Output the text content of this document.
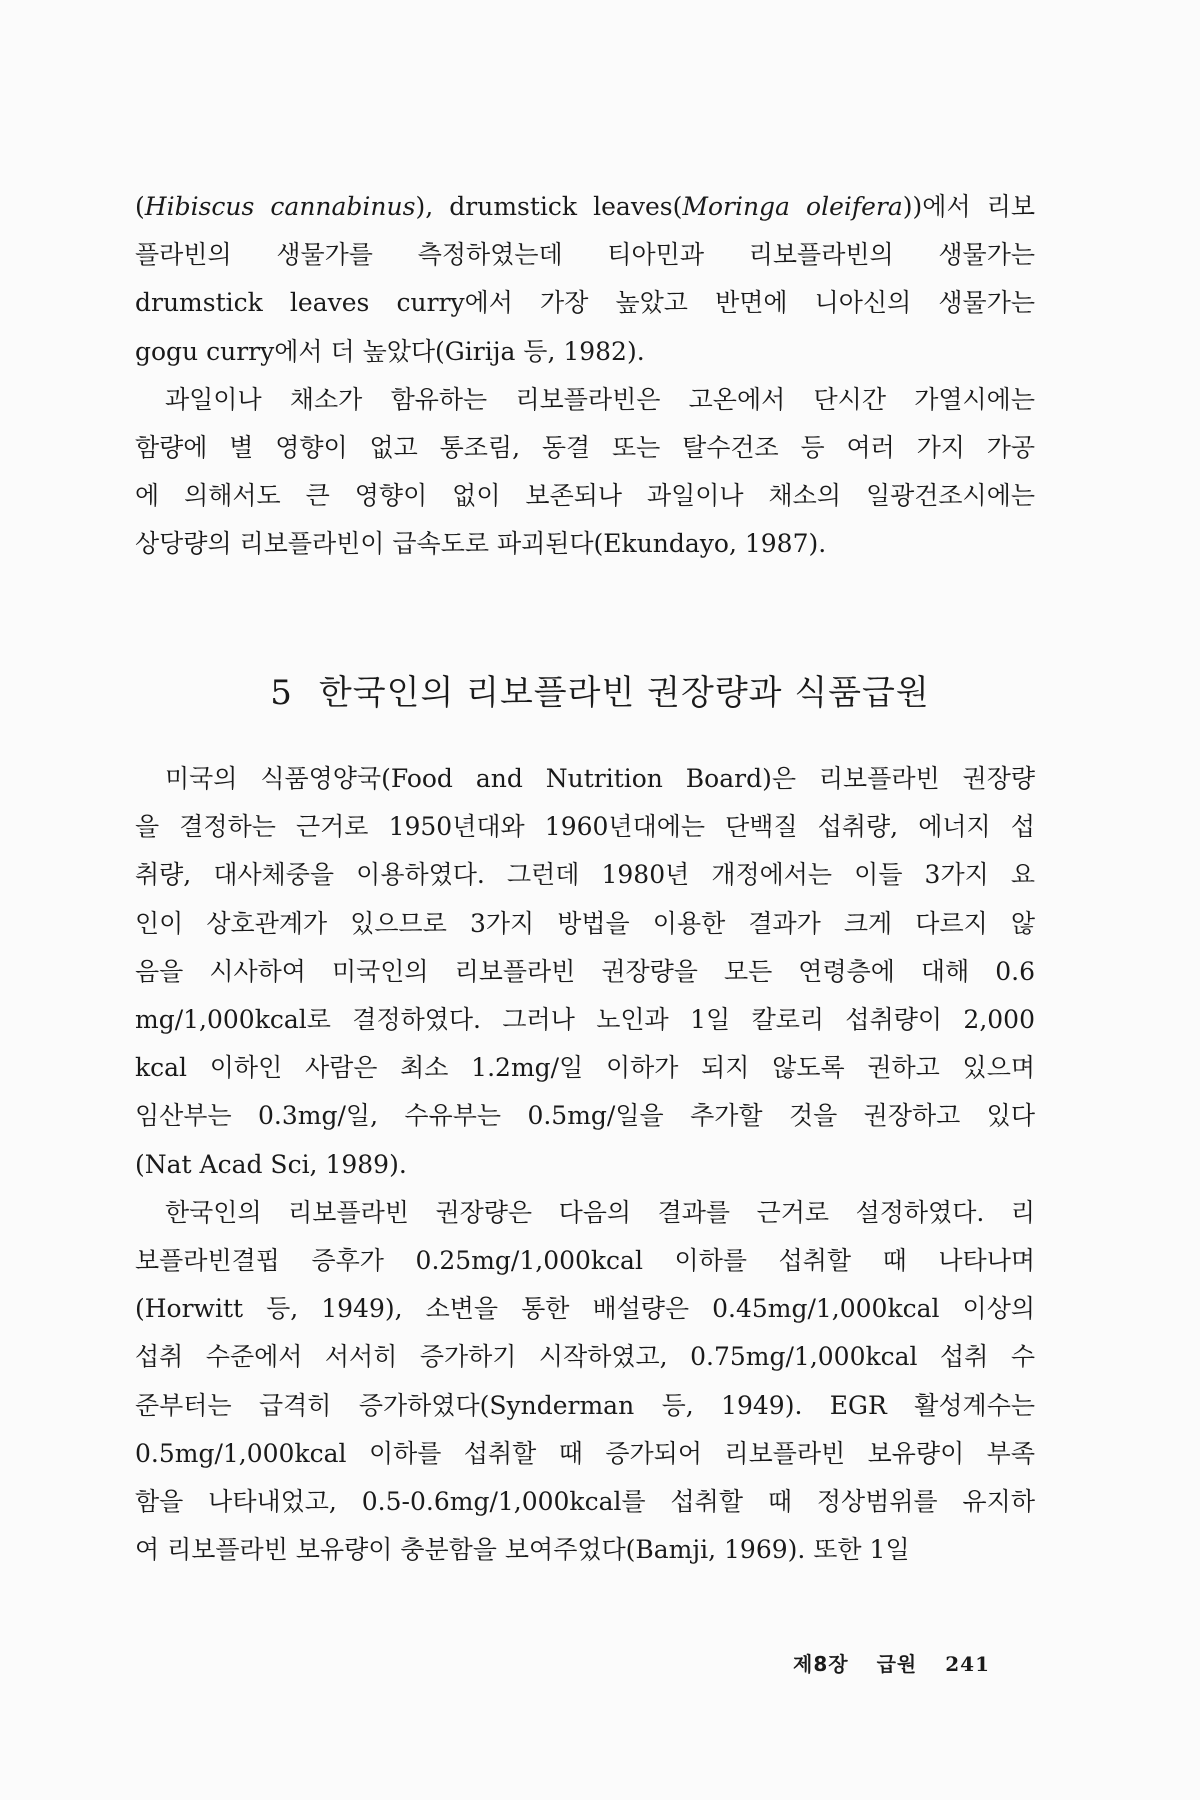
(Hibiscus cannabinus), drumstick leaves(Moringa oleifera))에서 리보

플라빈의 생물가를 측정하였는데 티아민과 리보플라빈의 생물가는

drumstick leaves curry에서 가장 높았고 반면에 니아신의 생물가는

gogu curry에서 더 높았다(Girija 등, 1982).

과일이나 채소가 함유하는 리보플라빈은 고온에서 단시간 가열시에는

함량에 별 영향이 없고 통조림, 동결 또는 탈수건조 등 여러 가지 가공

에 의해서도 큰 영향이 없이 보존되나 과일이나 채소의 일광건조시에는

상당량의 리보플라빈이 급속도로 파괴된다(Ekundayo, 1987).

5 한국인의 리보플라빈 권장량과 식품급원

미국의 식품영양국(Food and Nutrition Board)은 리보플라빈 권장량

을 결정하는 근거로 1950년대와 1960년대에는 단백질 섭취량, 에너지 섭

취량, 대사체중을 이용하였다. 그런데 1980년 개정에서는 이들 3가지 요

인이 상호관계가 있으므로 3가지 방법을 이용한 결과가 크게 다르지 않

음을 시사하여 미국인의 리보플라빈 권장량을 모든 연령층에 대해 0.6

mg/1,000kcal로 결정하였다. 그러나 노인과 1일 칼로리 섭취량이 2,000

kcal 이하인 사람은 최소 1.2mg/일 이하가 되지 않도록 권하고 있으며

임산부는 0.3mg/일, 수유부는 0.5mg/일을 추가할 것을 권장하고 있다

(Nat Acad Sci, 1989).

한국인의 리보플라빈 권장량은 다음의 결과를 근거로 설정하였다. 리

보플라빈결핍 증후가 0.25mg/1,000kcal 이하를 섭취할 때 나타나며

(Horwitt 등, 1949), 소변을 통한 배설량은 0.45mg/1,000kcal 이상의

섭취 수준에서 서서히 증가하기 시작하였고, 0.75mg/1,000kcal 섭취 수

준부터는 급격히 증가하였다(Synderman 등, 1949). EGR 활성계수는

0.5mg/1,000kcal 이하를 섭취할 때 증가되어 리보플라빈 보유량이 부족

함을 나타내었고, 0.5-0.6mg/1,000kcal를 섭취할 때 정상범위를 유지하

여 리보플라빈 보유량이 충분함을 보여주었다(Bamji, 1969). 또한 1일

제8장 급원 241
